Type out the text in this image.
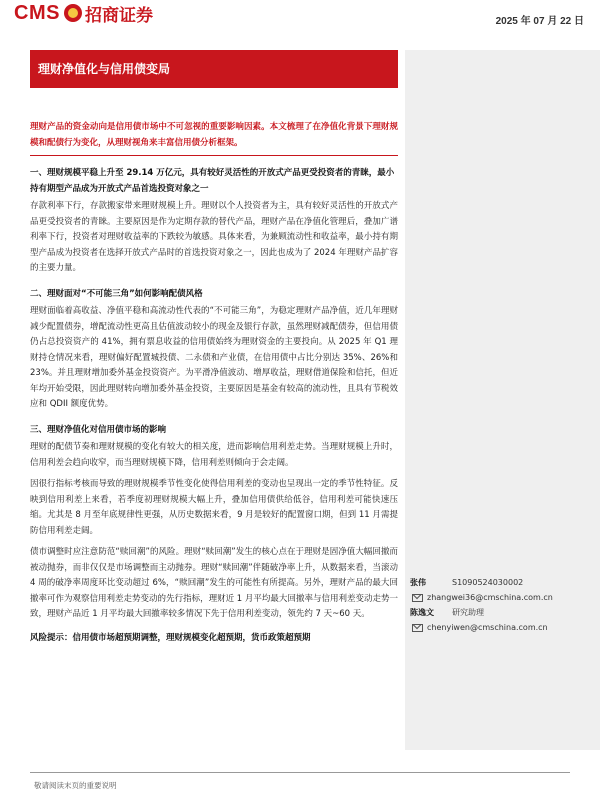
CMS 招商证券	2025 年 07 月 22 日
理财净值化与信用债变局

理财产品的资金动向是信用债市场中不可忽视的重要影响因素。本文梳理了在净值化背景下理财规模和配债行为变化，从理财视角来丰富信用债分析框架。

一、理财规模平稳上升至 29.14 万亿元，具有较好灵活性的开放式产品更受投资者的青睐，最小持有期型产品成为开放式产品首选投资对象之一

存款利率下行，存款搬家带来理财规模上升。理财以个人投资者为主，具有较好灵活性的开放式产品更受投资者的青睐。主要原因是作为定期存款的替代产品，理财产品在净值化管理后，叠加广谱利率下行，投资者对理财收益率的下跌较为敏感。具体来看，为兼顾流动性和收益率，最小持有期型产品成为投资者在选择开放式产品时的首选投资对象之一，因此也成为了 2024 年理财产品扩容的主要力量。

二、理财面对“不可能三角”如何影响配债风格

理财面临着高收益、净值平稳和高流动性代表的“不可能三角”，为稳定理财产品净值，近几年理财减少配置债券，增配流动性更高且估值波动较小的现金及银行存款，虽然理财减配债券，但信用债仍占总投资资产的 41%，拥有票息收益的信用债始终为理财资金的主要投向。从 2025 年 Q1 理财持仓情况来看，理财偏好配置城投债、二永债和产业债，在信用债中占比分别达 35%、26%和 23%。并且理财增加委外基金投资资产。为平滑净值波动、增厚收益，理财借道保险和信托，但近年均开始受限，因此理财转向增加委外基金投资，主要原因是基金有较高的流动性，且具有节税效应和 QDII 额度优势。

三、理财净值化对信用债市场的影响

理财的配债节奏和理财规模的变化有较大的相关度，进而影响信用利差走势。当理财规模上升时，信用利差会趋向收窄，而当理财规模下降，信用利差则倾向于会走阔。

因很行指标考核而导致的理财规模季节性变化使得信用利差的变动也呈现出一定的季节性特征。反映到信用利差上来看，若季度初理财规模大幅上升，叠加信用债供给低谷，信用利差可能快速压缩。尤其是 8 月至年底规律性更强，从历史数据来看，9 月是较好的配置窗口期，但到 11 月需提防信用利差走阔。

债市调整时应注意防范“赎回潮”的风险。理财“赎回潮”发生的核心点在于理财是固净值大幅回撤而被动抛券，而非仅仅是市场调整而主动抛券。理财“赎回潮”伴随破净率上升，从数据来看，当滚动 4 周的破净率周度环比变动超过 6%，“赎回潮”发生的可能性有所提高。另外，理财产品的最大回撤率可作为观察信用利差走势变动的先行指标，理财近 1 月平均最大回撤率与信用利差变动走势一致，理财产品近 1 月平均最大回撤率较多情况下先于信用利差变动，领先约 7 天~60 天。

风险提示：信用债市场超预期调整，理财规模变化超预期，货币政策超预期

张伟	S1090524030002
zhangwei36@cmschina.com.cn
陈逸文	研究助理
chenyiwen@cmschina.com.cn
敬请阅读末页的重要说明
